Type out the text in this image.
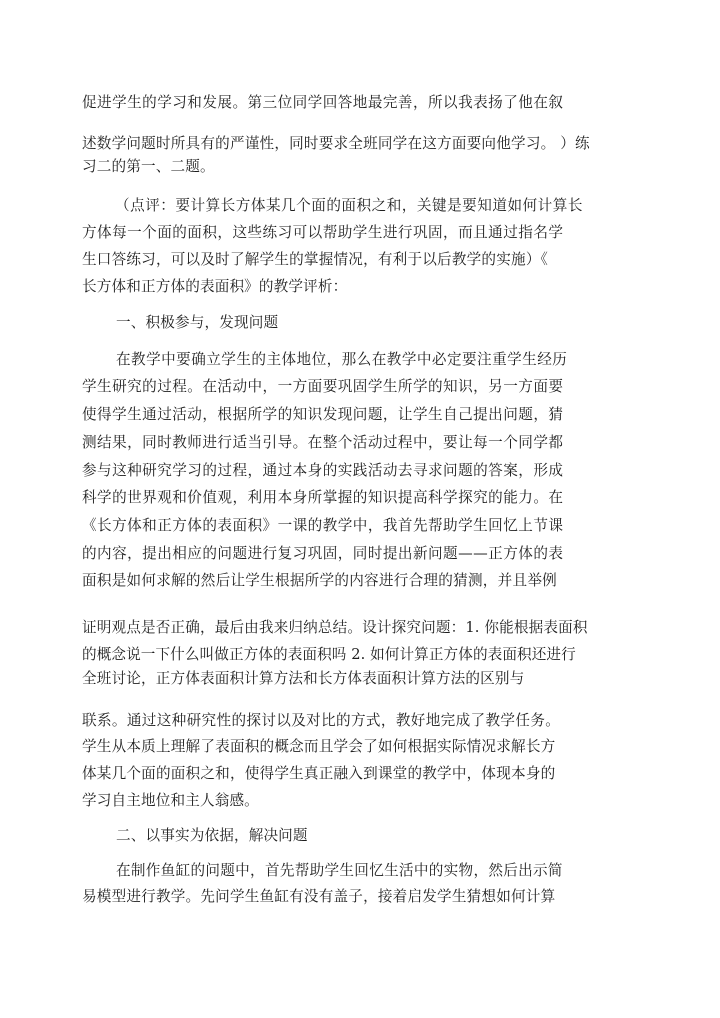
促进学生的学习和发展。第三位同学回答地最完善，所以我表扬了他在叙
述数学问题时所具有的严谨性，同时要求全班同学在这方面要向他学习。 ）练
习二的第一、二题。
（点评：要计算长方体某几个面的面积之和，关键是要知道如何计算长
方体每一个面的面积，这些练习可以帮助学生进行巩固，而且通过指名学
生口答练习，可以及时了解学生的掌握情况，有利于以后教学的实施）《
长方体和正方体的表面积》的教学评析：
一、积极参与，发现问题
在教学中要确立学生的主体地位，那么在教学中必定要注重学生经历
学生研究的过程。在活动中，一方面要巩固学生所学的知识，另一方面要
使得学生通过活动，根据所学的知识发现问题，让学生自己提出问题，猜
测结果，同时教师进行适当引导。在整个活动过程中，要让每一个同学都
参与这种研究学习的过程，通过本身的实践活动去寻求问题的答案，形成
科学的世界观和价值观，利用本身所掌握的知识提高科学探究的能力。在
《长方体和正方体的表面积》一课的教学中，我首先帮助学生回忆上节课
的内容，提出相应的问题进行复习巩固，同时提出新问题——正方体的表
面积是如何求解的然后让学生根据所学的内容进行合理的猜测，并且举例
证明观点是否正确，最后由我来归纳总结。设计探究问题：1. 你能根据表面积
的概念说一下什么叫做正方体的表面积吗 2. 如何计算正方体的表面积还进行
全班讨论，正方体表面积计算方法和长方体表面积计算方法的区别与
联系。通过这种研究性的探讨以及对比的方式，教好地完成了教学任务。
学生从本质上理解了表面积的概念而且学会了如何根据实际情况求解长方
体某几个面的面积之和，使得学生真正融入到课堂的教学中，体现本身的
学习自主地位和主人翁感。
二、以事实为依据，解决问题
在制作鱼缸的问题中，首先帮助学生回忆生活中的实物，然后出示简
易模型进行教学。先问学生鱼缸有没有盖子，接着启发学生猜想如何计算
